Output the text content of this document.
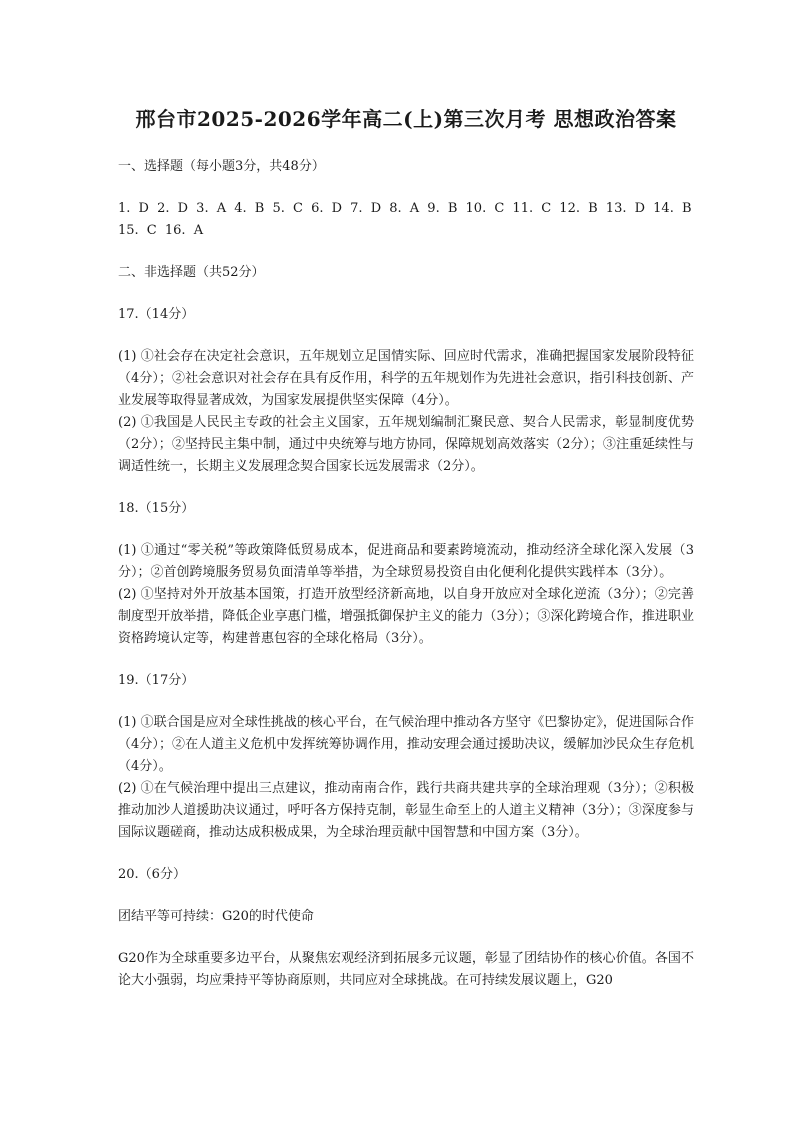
邢台市2025-2026学年高二(上)第三次月考 思想政治答案
一、选择题（每小题3分，共48分）
1. D 2. D 3. A 4. B 5. C 6. D 7. D 8. A 9. B 10. C 11. C 12. B 13. D 14. B
15. C 16. A
二、非选择题（共52分）
17.（14分）

(1) ①社会存在决定社会意识，五年规划立足国情实际、回应时代需求，准确把握国家发展阶段特征（4分）；②社会意识对社会存在具有反作用，科学的五年规划作为先进社会意识，指引科技创新、产业发展等取得显著成效，为国家发展提供坚实保障（4分）。

(2) ①我国是人民民主专政的社会主义国家，五年规划编制汇聚民意、契合人民需求，彰显制度优势（2分）；②坚持民主集中制，通过中央统筹与地方协同，保障规划高效落实（2分）；③注重延续性与调适性统一，长期主义发展理念契合国家长远发展需求（2分）。

18.（15分）

(1) ①通过“零关税”等政策降低贸易成本，促进商品和要素跨境流动，推动经济全球化深入发展（3分）；②首创跨境服务贸易负面清单等举措，为全球贸易投资自由化便利化提供实践样本（3分）。

(2) ①坚持对外开放基本国策，打造开放型经济新高地，以自身开放应对全球化逆流（3分）；②完善制度型开放举措，降低企业享惠门槛，增强抵御保护主义的能力（3分）；③深化跨境合作，推进职业资格跨境认定等，构建普惠包容的全球化格局（3分）。

19.（17分）

(1) ①联合国是应对全球性挑战的核心平台，在气候治理中推动各方坚守《巴黎协定》，促进国际合作（4分）；②在人道主义危机中发挥统筹协调作用，推动安理会通过援助决议，缓解加沙民众生存危机（4分）。

(2) ①在气候治理中提出三点建议，推动南南合作，践行共商共建共享的全球治理观（3分）；②积极推动加沙人道援助决议通过，呼吁各方保持克制，彰显生命至上的人道主义精神（3分）；③深度参与国际议题磋商，推动达成积极成果，为全球治理贡献中国智慧和中国方案（3分）。

20.（6分）
团结平等可持续：G20的时代使命

G20作为全球重要多边平台，从聚焦宏观经济到拓展多元议题，彰显了团结协作的核心价值。各国不论大小强弱，均应秉持平等协商原则，共同应对全球挑战。在可持续发展议题上，G20
